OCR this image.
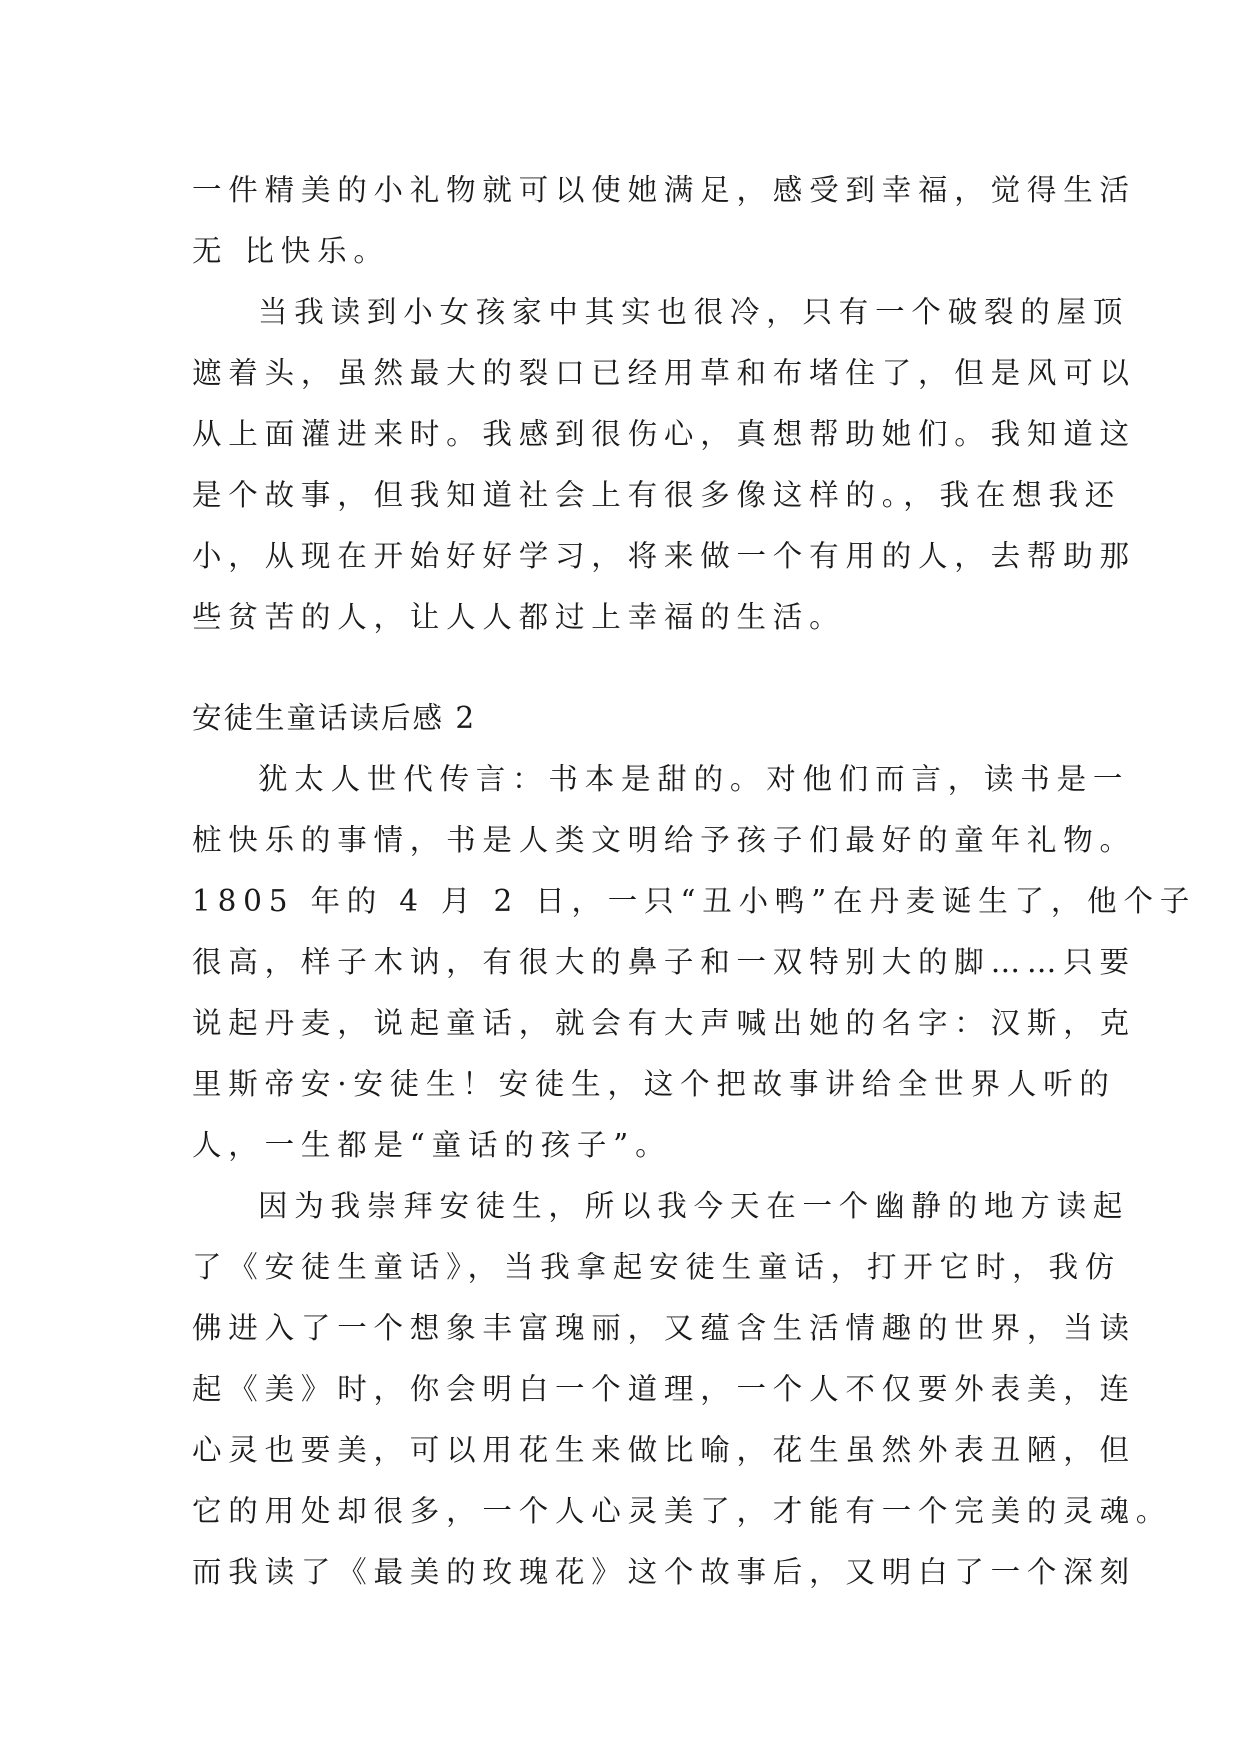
一件精美的小礼物就可以使她满足，感受到幸福，觉得生活
无 比快乐。
当我读到小女孩家中其实也很冷，只有一个破裂的屋顶
遮着头，虽然最大的裂口已经用草和布堵住了，但是风可以
从上面灌进来时。我感到很伤心，真想帮助她们。我知道这
是个故事，但我知道社会上有很多像这样的。，我在想我还
小，从现在开始好好学习，将来做一个有用的人，去帮助那
些贫苦的人，让人人都过上幸福的生活。
安徒生童话读后感 2
犹太人世代传言：书本是甜的。对他们而言，读书是一
桩快乐的事情，书是人类文明给予孩子们最好的童年礼物。
1805 年的 4 月 2 日，一只“丑小鸭”在丹麦诞生了，他个子
很高，样子木讷，有很大的鼻子和一双特别大的脚……只要
说起丹麦，说起童话，就会有大声喊出她的名字：汉斯，克
里斯帝安·安徒生！安徒生，这个把故事讲给全世界人听的
人，一生都是“童话的孩子”。
因为我崇拜安徒生，所以我今天在一个幽静的地方读起
了《安徒生童话》，当我拿起安徒生童话，打开它时，我仿
佛进入了一个想象丰富瑰丽，又蕴含生活情趣的世界，当读
起《美》时，你会明白一个道理，一个人不仅要外表美，连
心灵也要美，可以用花生来做比喻，花生虽然外表丑陋，但
它的用处却很多，一个人心灵美了，才能有一个完美的灵魂。
而我读了《最美的玫瑰花》这个故事后，又明白了一个深刻
